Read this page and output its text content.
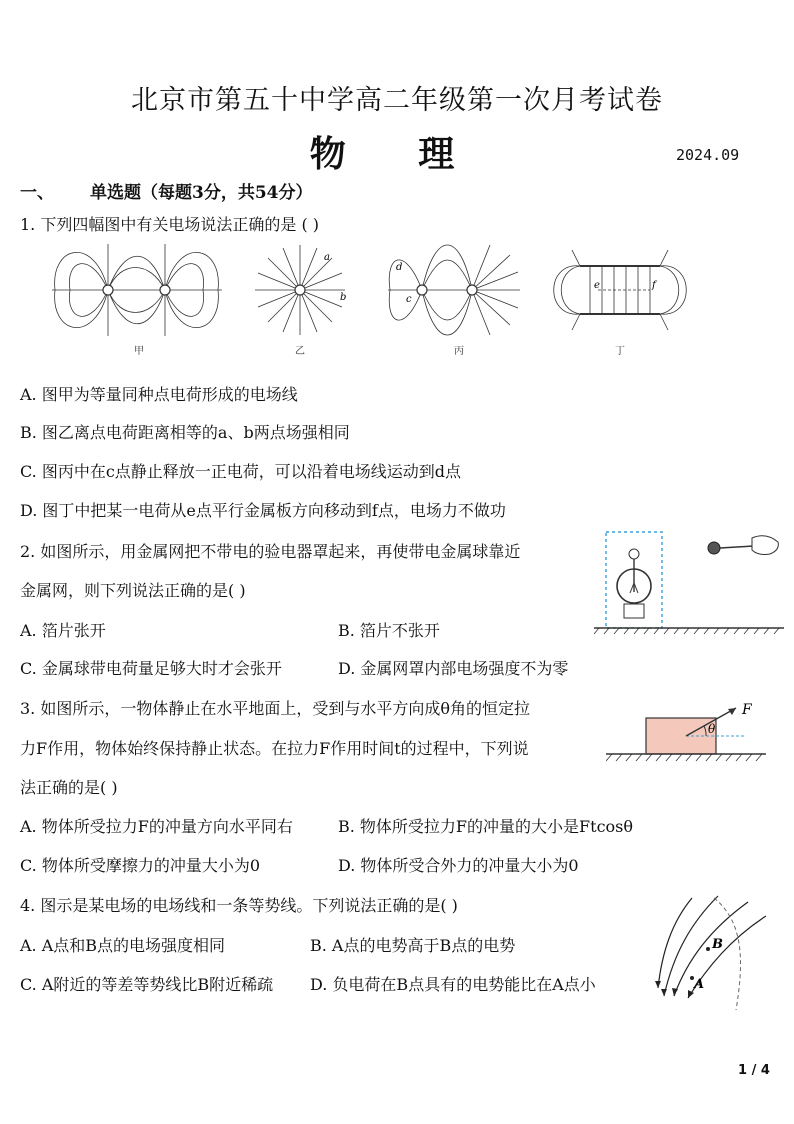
北京市第五十中学高二年级第一次月考试卷
物 理	2024.09
一、 单选题（每题3分，共54分）
1. 下列四幅图中有关电场说法正确的是 ( )
甲
a
b
乙
d
c
丙
e	f
丁
A. 图甲为等量同种点电荷形成的电场线
B. 图乙离点电荷距离相等的a、b两点场强相同
C. 图丙中在c点静止释放一正电荷，可以沿着电场线运动到d点
D. 图丁中把某一电荷从e点平行金属板方向移动到f点，电场力不做功
2. 如图所示，用金属网把不带电的验电器罩起来，再使带电金属球靠近
金属网，则下列说法正确的是( )
A. 箔片张开	B. 箔片不张开
C. 金属球带电荷量足够大时才会张开	D. 金属网罩内部电场强度不为零
3. 如图所示，一物体静止在水平地面上，受到与水平方向成θ角的恒定拉
力F作用，物体始终保持静止状态。在拉力F作用时间t的过程中，下列说
法正确的是( )
A. 物体所受拉力F的冲量方向水平同右	B. 物体所受拉力F的冲量的大小是Ftcosθ
C. 物体所受摩擦力的冲量大小为0	D. 物体所受合外力的冲量大小为0
F
θ
4. 图示是某电场的电场线和一条等势线。下列说法正确的是( )
A. A点和B点的电场强度相同	B. A点的电势高于B点的电势
C. A附近的等差等势线比B附近稀疏 D. 负电荷在B点具有的电势能比在A点小
B
A
1 / 4
